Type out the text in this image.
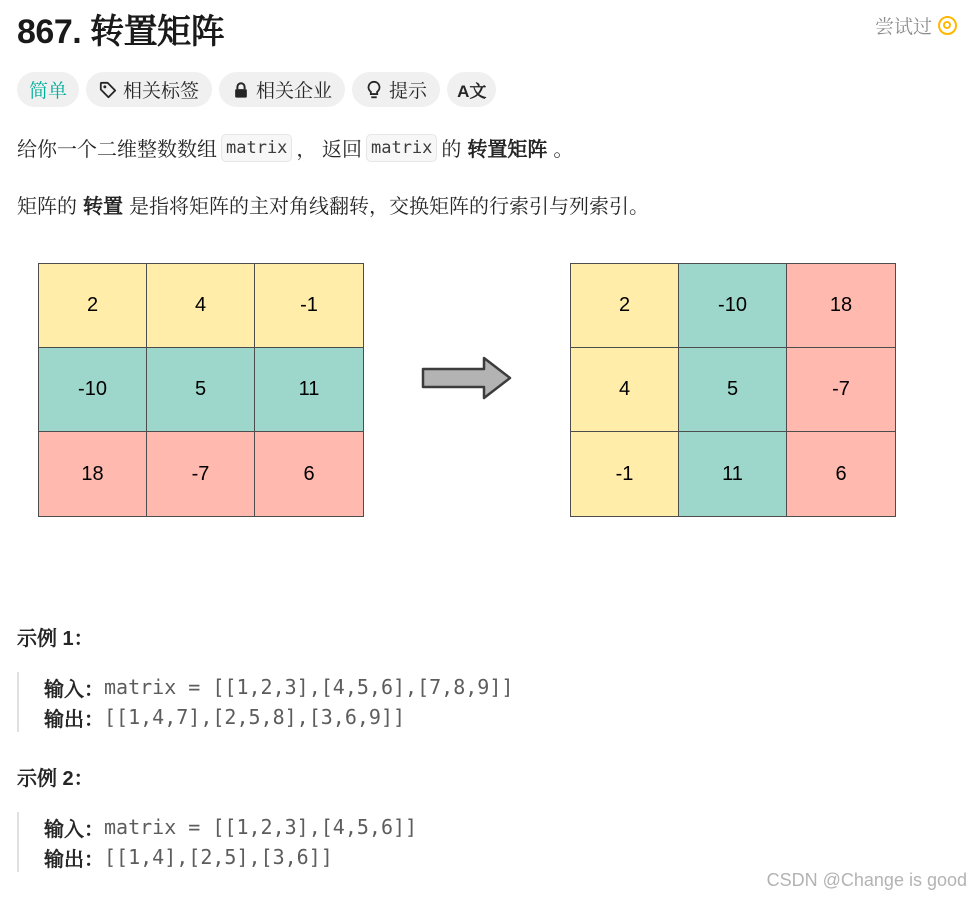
867. 转置矩阵	尝试过
简单	相关标签	相关企业	提示 A文
给你一个二维整数数组 matrix ， 返回 matrix 的 转置矩阵 。
矩阵的 转置 是指将矩阵的主对角线翻转，交换矩阵的行索引与列索引。
2	4	-1
-10	5	11
18	-7	6
2	-10	18
4	5	-7
-1	11	6
示例 1：
输入： matrix = [[1,2,3],[4,5,6],[7,8,9]]
输出： [[1,4,7],[2,5,8],[3,6,9]]
示例 2：
输入： matrix = [[1,2,3],[4,5,6]]
输出： [[1,4],[2,5],[3,6]]
CSDN @Change is good
